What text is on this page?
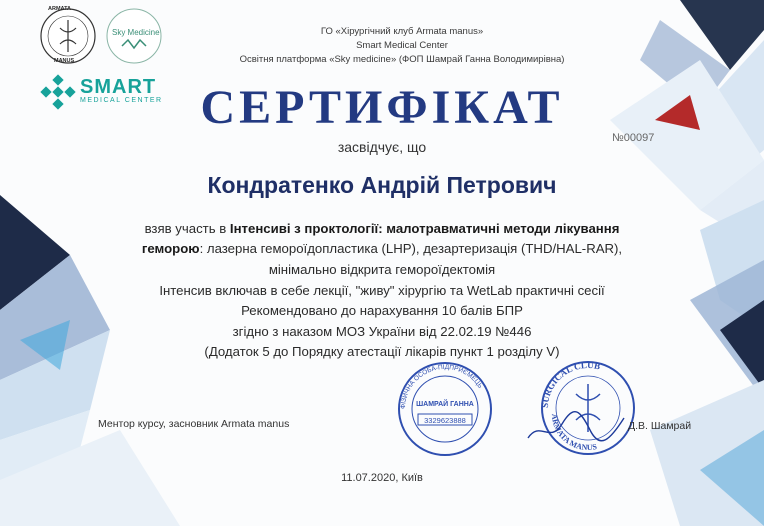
ARMATA
MANUS
Sky Medicine
SMART
MEDICAL CENTER
ГО «Хірургічний клуб Armata manus»
Smart Medical Center
Освітня платформа «Sky medicine» (ФОП Шамрай Ганна Володимирівна)
СЕРТИФІКАТ
засвідчує, що
№00097
Кондратенко Андрій Петрович
взяв участь в Інтенсиві з проктології: малотравматичні методи лікування
геморою: лазерна гемороїдопластика (LHP), дезартеризація (THD/HAL-RAR),
мінімально відкрита гемороїдектомія
Інтенсив включав в себе лекції, "живу" хірургію та WetLab практичні сесії
Рекомендовано до нарахування 10 балів БПР
згідно з наказом МОЗ України від 22.02.19 №446
(Додаток 5 до Порядку атестації лікарів пункт 1 розділу V)
ФІЗИЧНА ОСОБА-ПІДПРИЄМЕЦЬ
ШАМРАЙ ГАННА
3329623888
SURGICAL CLUB
ARMATA MANUS
Ментор курсу, засновник Armata manus	Д.В. Шамрай
11.07.2020, Київ
